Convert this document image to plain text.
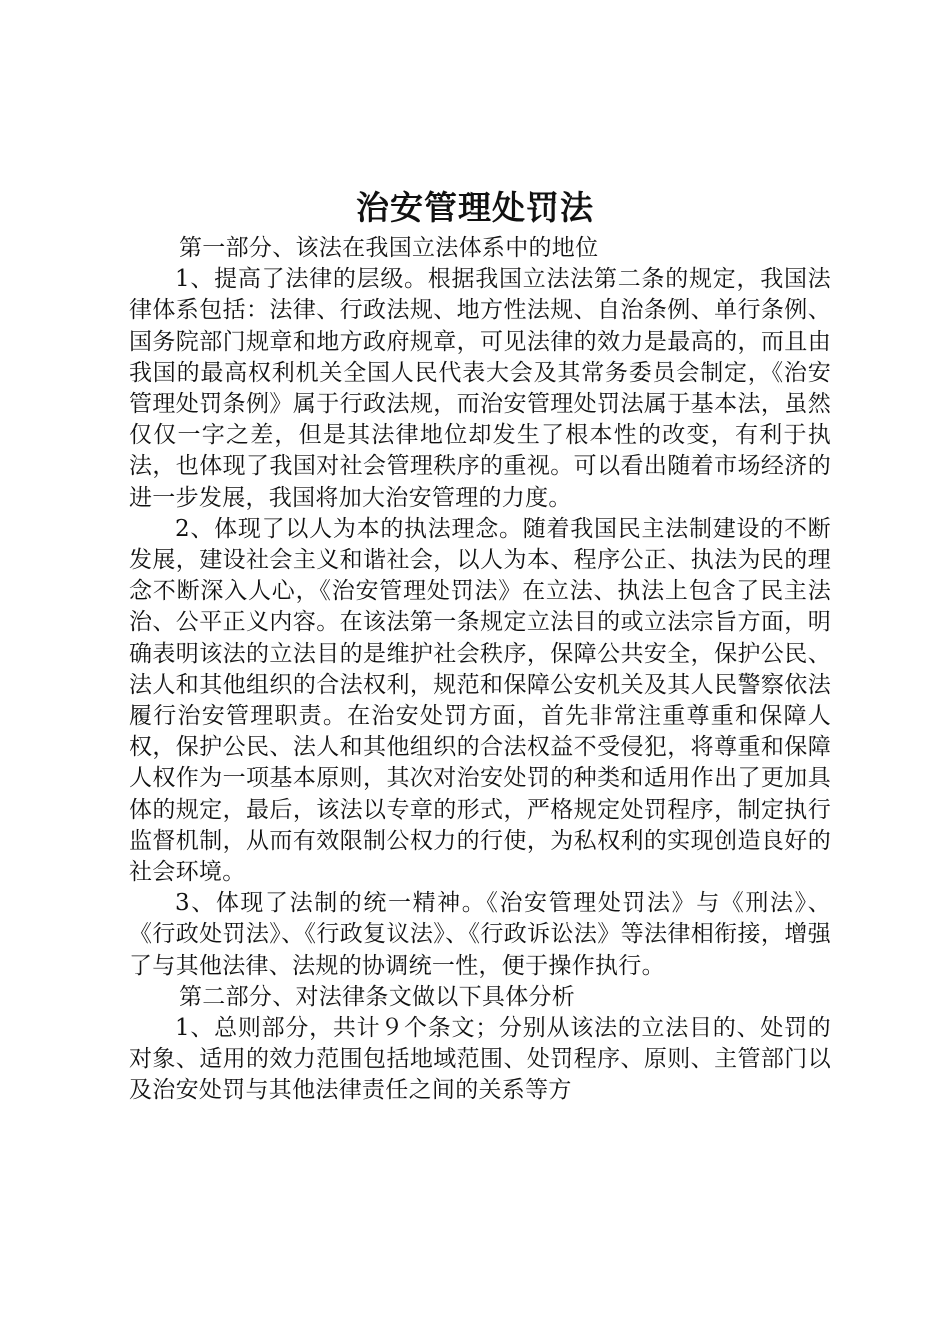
治安管理处罚法

第一部分、该法在我国立法体系中的地位

1、提高了法律的层级。根据我国立法法第二条的规定，我国法律体系包括：法律、行政法规、地方性法规、自治条例、单行条例、国务院部门规章和地方政府规章，可见法律的效力是最高的，而且由我国的最高权利机关全国人民代表大会及其常务委员会制定，《治安管理处罚条例》属于行政法规，而治安管理处罚法属于基本法，虽然仅仅一字之差，但是其法律地位却发生了根本性的改变，有利于执法，也体现了我国对社会管理秩序的重视。可以看出随着市场经济的进一步发展，我国将加大治安管理的力度。

2、体现了以人为本的执法理念。随着我国民主法制建设的不断发展，建设社会主义和谐社会，以人为本、程序公正、执法为民的理念不断深入人心，《治安管理处罚法》在立法、执法上包含了民主法治、公平正义内容。在该法第一条规定立法目的或立法宗旨方面，明确表明该法的立法目的是维护社会秩序，保障公共安全，保护公民、法人和其他组织的合法权利，规范和保障公安机关及其人民警察依法履行治安管理职责。在治安处罚方面，首先非常注重尊重和保障人权，保护公民、法人和其他组织的合法权益不受侵犯，将尊重和保障人权作为一项基本原则，其次对治安处罚的种类和适用作出了更加具体的规定，最后，该法以专章的形式，严格规定处罚程序，制定执行监督机制，从而有效限制公权力的行使，为私权利的实现创造良好的社会环境。

3、体现了法制的统一精神。《治安管理处罚法》与《刑法》、《行政处罚法》、《行政复议法》、《行政诉讼法》等法律相衔接，增强了与其他法律、法规的协调统一性，便于操作执行。

第二部分、对法律条文做以下具体分析

1、总则部分，共计９个条文；分别从该法的立法目的、处罚的对象、适用的效力范围包括地域范围、处罚程序、原则、主管部门以及治安处罚与其他法律责任之间的关系等方
